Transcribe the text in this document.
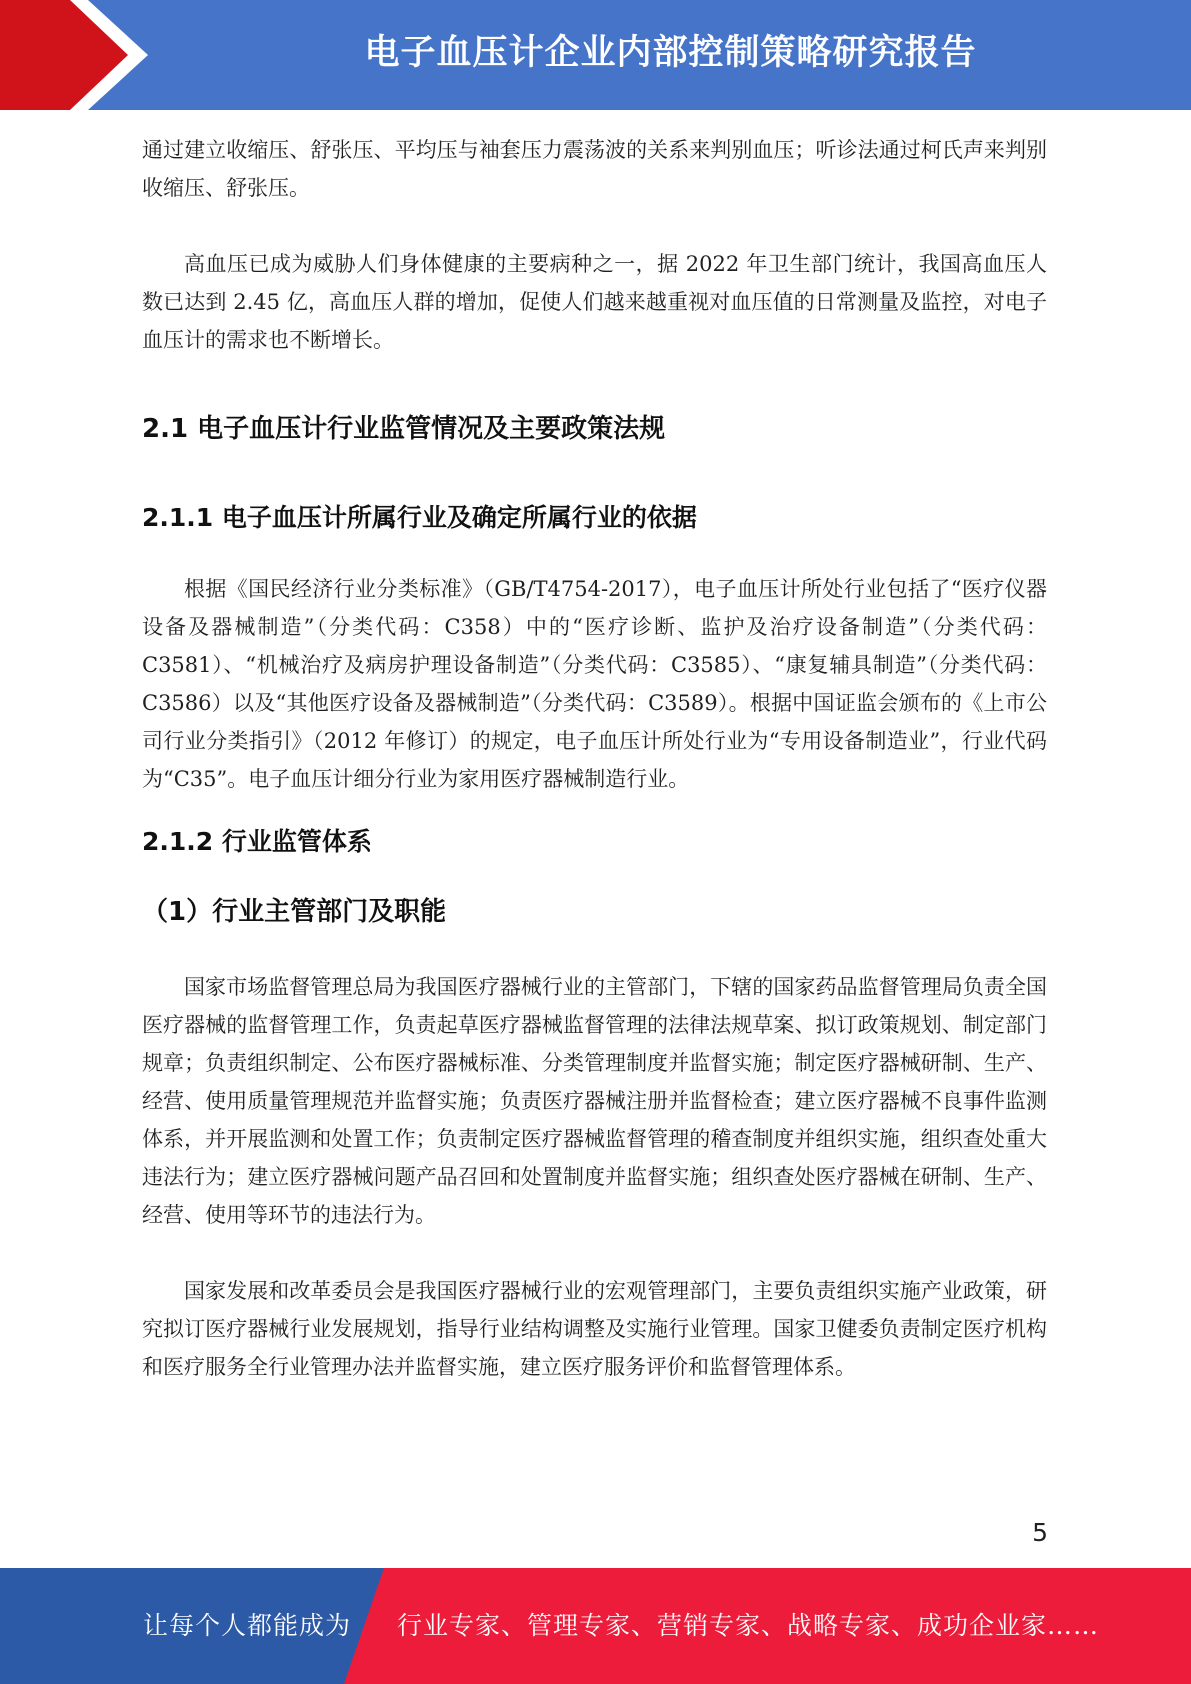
电子血压计企业内部控制策略研究报告

通过建立收缩压、舒张压、平均压与袖套压力震荡波的关系来判别血压；听诊法通过柯氏声来判别收缩压、舒张压。

高血压已成为威胁人们身体健康的主要病种之一，据 2022 年卫生部门统计，我国高血压人数已达到 2.45 亿，高血压人群的增加，促使人们越来越重视对血压值的日常测量及监控，对电子血压计的需求也不断增长。

2.1 电子血压计行业监管情况及主要政策法规
2.1.1 电子血压计所属行业及确定所属行业的依据

根据《国民经济行业分类标准》（GB/T4754-2017），电子血压计所处行业包括了“医疗仪器设备及器械制造”（分类代码：C358）中的“医疗诊断、监护及治疗设备制造”（分类代码：C3581）、“机械治疗及病房护理设备制造”（分类代码：C3585）、“康复辅具制造”（分类代码：C3586）以及“其他医疗设备及器械制造”（分类代码：C3589）。根据中国证监会颁布的《上市公司行业分类指引》（2012 年修订）的规定，电子血压计所处行业为“专用设备制造业”，行业代码为“C35”。电子血压计细分行业为家用医疗器械制造行业。

2.1.2 行业监管体系
（1）行业主管部门及职能

国家市场监督管理总局为我国医疗器械行业的主管部门，下辖的国家药品监督管理局负责全国医疗器械的监督管理工作，负责起草医疗器械监督管理的法律法规草案、拟订政策规划、制定部门规章；负责组织制定、公布医疗器械标准、分类管理制度并监督实施；制定医疗器械研制、生产、经营、使用质量管理规范并监督实施；负责医疗器械注册并监督检查；建立医疗器械不良事件监测体系，并开展监测和处置工作；负责制定医疗器械监督管理的稽查制度并组织实施，组织查处重大违法行为；建立医疗器械问题产品召回和处置制度并监督实施；组织查处医疗器械在研制、生产、经营、使用等环节的违法行为。

国家发展和改革委员会是我国医疗器械行业的宏观管理部门，主要负责组织实施产业政策，研究拟订医疗器械行业发展规划，指导行业结构调整及实施行业管理。国家卫健委负责制定医疗机构和医疗服务全行业管理办法并监督实施，建立医疗服务评价和监督管理体系。

5
让每个人都能成为 行业专家、管理专家、营销专家、战略专家、成功企业家……
